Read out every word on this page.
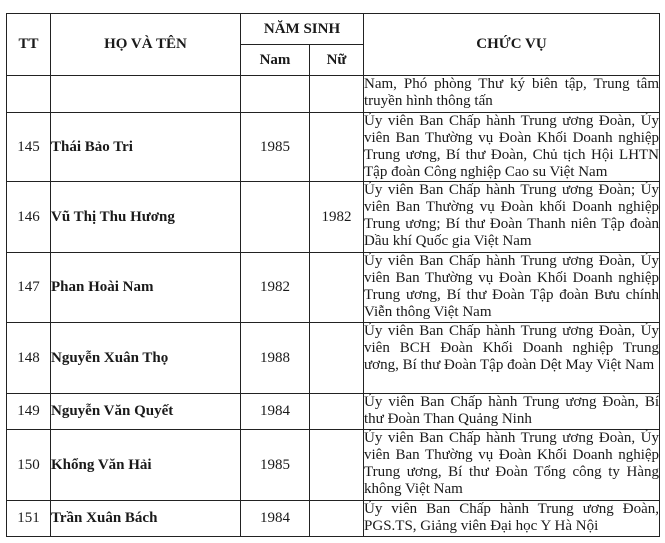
TT	HỌ VÀ TÊN	NĂM SINH		CHỨC VỤ
		Nam	Nữ	
				Nam, Phó phòng Thư ký biên tập, Trung tâm truyền hình thông tấn
145	Thái Bảo Tri	1985		Ủy viên Ban Chấp hành Trung ương Đoàn, Ủy viên Ban Thường vụ Đoàn Khối Doanh nghiệp Trung ương, Bí thư Đoàn, Chủ tịch Hội LHTN Tập đoàn Công nghiệp Cao su Việt Nam
146	Vũ Thị Thu Hương		1982	Ủy viên Ban Chấp hành Trung ương Đoàn; Ủy viên Ban Thường vụ Đoàn khối Doanh nghiệp Trung ương; Bí thư Đoàn Thanh niên Tập đoàn Dầu khí Quốc gia Việt Nam
147	Phan Hoài Nam	1982		Ủy viên Ban Chấp hành Trung ương Đoàn, Ủy viên Ban Thường vụ Đoàn Khối Doanh nghiệp Trung ương, Bí thư Đoàn Tập đoàn Bưu chính Viễn thông Việt Nam
148	Nguyễn Xuân Thọ	1988		Ủy viên Ban Chấp hành Trung ương Đoàn, Ủy viên BCH Đoàn Khối Doanh nghiệp Trung ương, Bí thư Đoàn Tập đoàn Dệt May Việt Nam
149	Nguyễn Văn Quyết	1984		Ủy viên Ban Chấp hành Trung ương Đoàn, Bí thư Đoàn Than Quảng Ninh
150	Khổng Văn Hải	1985		Ủy viên Ban Chấp hành Trung ương Đoàn, Ủy viên Ban Thường vụ Đoàn Khối Doanh nghiệp Trung ương, Bí thư Đoàn Tổng công ty Hàng không Việt Nam
151	Trần Xuân Bách	1984		Ủy viên Ban Chấp hành Trung ương Đoàn, PGS.TS, Giảng viên Đại học Y Hà Nội
